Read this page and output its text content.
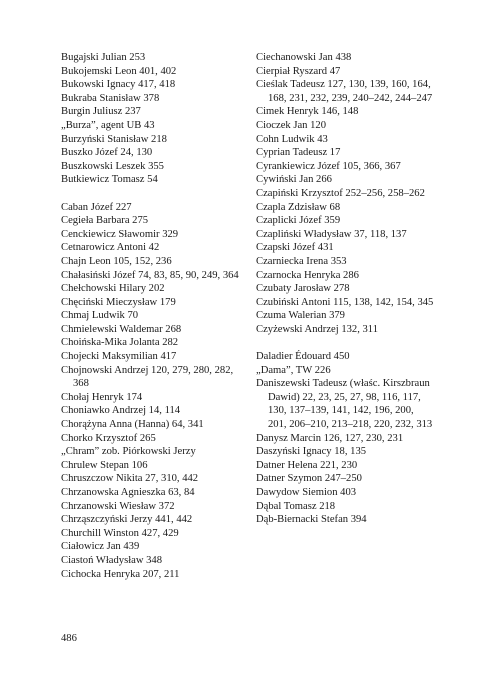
Bugajski Julian 253
Bukojemski Leon 401, 402
Bukowski Ignacy 417, 418
Bukraba Stanisław 378
Burgin Juliusz 237
„Burza”, agent UB 43
Burzyński Stanisław 218
Buszko Józef 24, 130
Buszkowski Leszek 355
Butkiewicz Tomasz 54
Caban Józef 227
Cegieła Barbara 275
Cenckiewicz Sławomir 329
Cetnarowicz Antoni 42
Chajn Leon 105, 152, 236
Chałasiński Józef 74, 83, 85, 90, 249, 364
Chełchowski Hilary 202
Chęciński Mieczysław 179
Chmaj Ludwik 70
Chmielewski Waldemar 268
Choińska-Mika Jolanta 282
Chojecki Maksymilian 417
Chojnowski Andrzej 120, 279, 280, 282, 368
Chołaj Henryk 174
Choniawko Andrzej 14, 114
Chorążyna Anna (Hanna) 64, 341
Chorko Krzysztof 265
„Chram” zob. Piórkowski Jerzy
Chrulew Stepan 106
Chruszczow Nikita 27, 310, 442
Chrzanowska Agnieszka 63, 84
Chrzanowski Wiesław 372
Chrząszczyński Jerzy 441, 442
Churchill Winston 427, 429
Ciałowicz Jan 439
Ciastoń Władysław 348
Cichocka Henryka 207, 211
Ciechanowski Jan 438
Cierpiał Ryszard 47
Cieślak Tadeusz 127, 130, 139, 160, 164, 168, 231, 232, 239, 240–242, 244–247
Cimek Henryk 146, 148
Cioczek Jan 120
Cohn Ludwik 43
Cyprian Tadeusz 17
Cyrankiewicz Józef 105, 366, 367
Cywiński Jan 266
Czapiński Krzysztof 252–256, 258–262
Czapla Zdzisław 68
Czaplicki Józef 359
Czapliński Władysław 37, 118, 137
Czapski Józef 431
Czarniecka Irena 353
Czarnocka Henryka 286
Czubaty Jarosław 278
Czubiński Antoni 115, 138, 142, 154, 345
Czuma Walerian 379
Czyżewski Andrzej 132, 311
Daladier Édouard 450
„Dama”, TW 226
Daniszewski Tadeusz (właśc. Kirszbraun Dawid) 22, 23, 25, 27, 98, 116, 117, 130, 137–139, 141, 142, 196, 200, 201, 206–210, 213–218, 220, 232, 313
Danysz Marcin 126, 127, 230, 231
Daszyński Ignacy 18, 135
Datner Helena 221, 230
Datner Szymon 247–250
Dawydow Siemion 403
Dąbal Tomasz 218
Dąb-Biernacki Stefan 394
486
